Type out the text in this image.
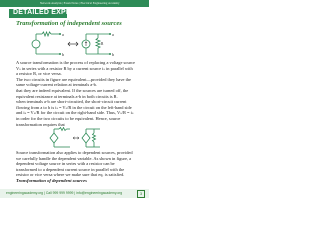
Network Analysis | Exam Notes | Electrical Engineering Academy
DETAILED EXPLANATIONS
Transformation of independent sources
a
b
R
a
b

A source transformation is the process of replacing a voltage source

Vₛ in series with a resistor R by a current source iₛ in parallel with

a resistor R, or vice versa.

The two circuits in figure are equivalent—provided they have the

same voltage-current relation at terminals a-b.

that they are indeed equivalent. If the sources are turned off, the

equivalent resistance at terminals a-b in both circuits is R.

when terminals a-b are short-circuited, the short-circuit current

flowing from a to b is iₛ = Vₛ/R in the circuit on the left-hand side

and iₛ = Vₛ/R for the circuit on the right-hand side. Thus, Vₛ/R = iₛ

in order for the two circuits to be equivalent. Hence, source

transformation requires that

Source transformation also applies to dependent sources, provided

we carefully handle the dependent variable. As shown in figure, a

dependent voltage source in series with a resistor can be

transformed to a dependent current source in parallel with the

resistor or vice versa where we make sure that eq. is satisfied.

Transformation of dependent sources
engineeringacademy.org | Call 999 999 9999 | info@engineeringacademy.org	3
